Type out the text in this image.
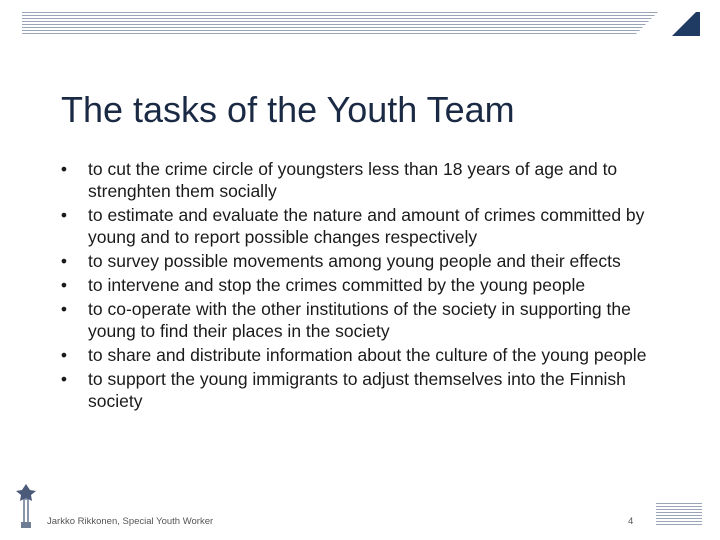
The tasks of the Youth Team
• to cut the crime circle of youngsters less than 18 years of age and to strenghten them socially
• to estimate and evaluate the nature and amount of crimes committed by young and to report possible changes respectively
• to survey possible movements among young people and their effects
• to intervene and stop the crimes committed by the young people
• to co-operate with the other institutions of the society in supporting the young to find their places in the society
• to share and distribute information about the culture of the young people
• to support the young immigrants to adjust themselves into the Finnish society
Jarkko Rikkonen, Special Youth Worker	4
